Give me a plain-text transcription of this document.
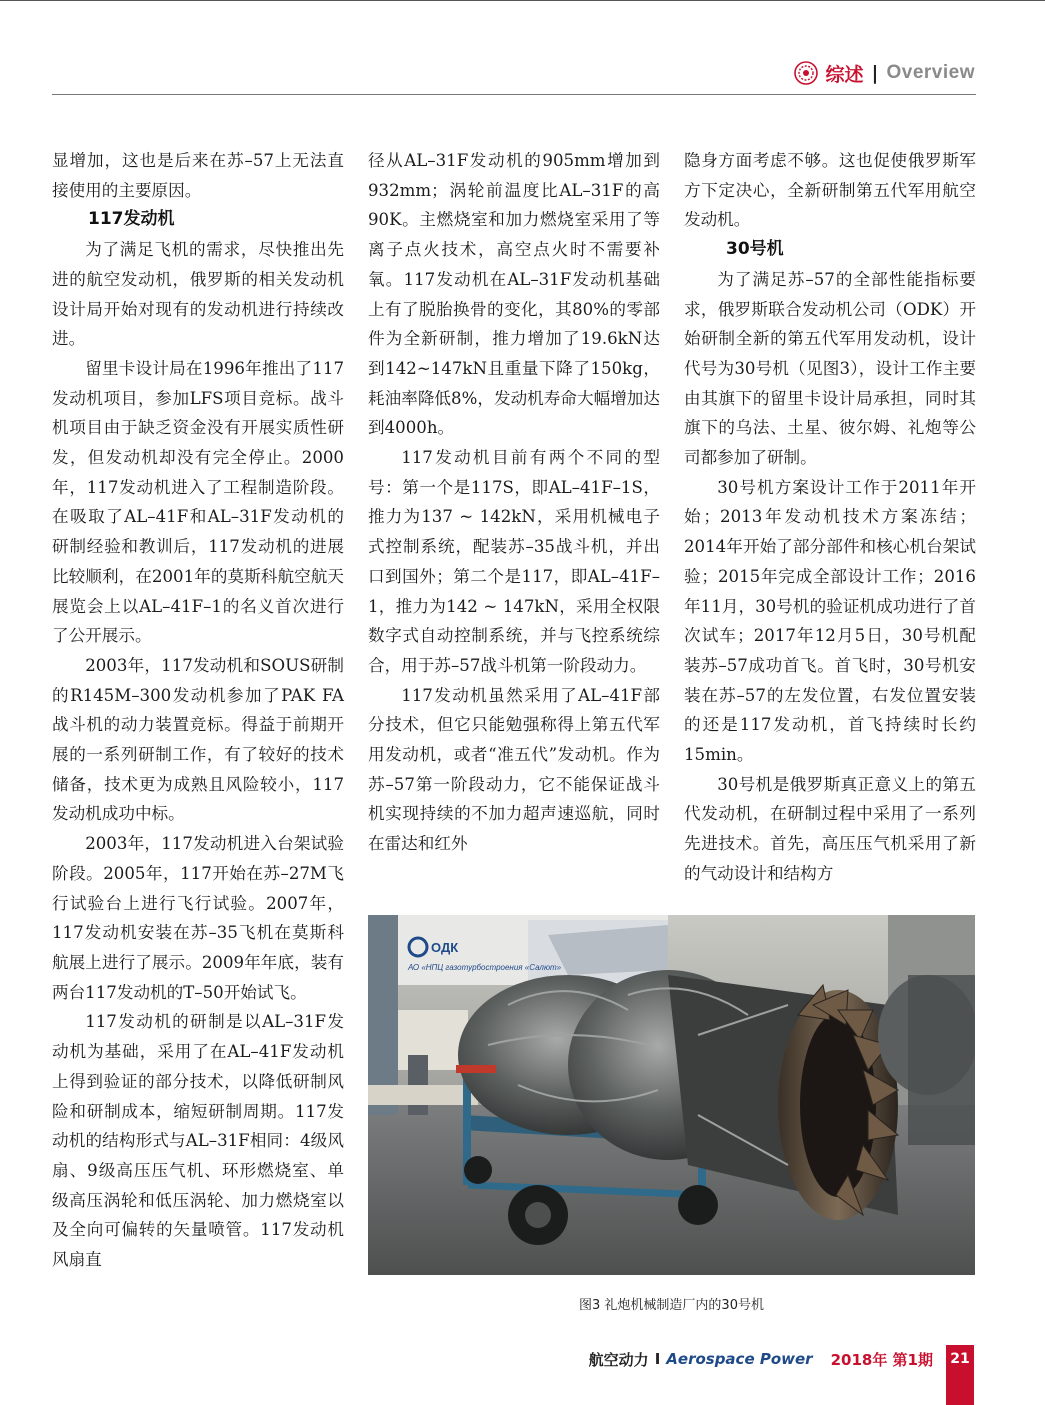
综述 | Overview

显增加，这也是后来在苏–57上无法直接使用的主要原因。

117发动机

为了满足飞机的需求，尽快推出先进的航空发动机，俄罗斯的相关发动机设计局开始对现有的发动机进行持续改进。

留里卡设计局在1996年推出了117发动机项目，参加LFS项目竞标。战斗机项目由于缺乏资金没有开展实质性研发，但发动机却没有完全停止。2000年，117发动机进入了工程制造阶段。在吸取了AL–41F和AL–31F发动机的研制经验和教训后，117发动机的进展比较顺利，在2001年的莫斯科航空航天展览会上以AL–41F–1的名义首次进行了公开展示。

2003年，117发动机和SOUS研制的R145M–300发动机参加了PAK FA战斗机的动力装置竞标。得益于前期开展的一系列研制工作，有了较好的技术储备，技术更为成熟且风险较小，117发动机成功中标。

2003年，117发动机进入台架试验阶段。2005年，117开始在苏–27M飞行试验台上进行飞行试验。2007年，117发动机安装在苏–35飞机在莫斯科航展上进行了展示。2009年年底，装有两台117发动机的T–50开始试飞。

117发动机的研制是以AL–31F发动机为基础，采用了在AL–41F发动机上得到验证的部分技术，以降低研制风险和研制成本，缩短研制周期。117发动机的结构形式与AL–31F相同：4级风扇、9级高压压气机、环形燃烧室、单级高压涡轮和低压涡轮、加力燃烧室以及全向可偏转的矢量喷管。117发动机风扇直

径从AL–31F发动机的905mm增加到932mm；涡轮前温度比AL–31F的高90K。主燃烧室和加力燃烧室采用了等离子点火技术，高空点火时不需要补氧。117发动机在AL–31F发动机基础上有了脱胎换骨的变化，其80%的零部件为全新研制，推力增加了19.6kN达到142~147kN且重量下降了150kg，耗油率降低8%，发动机寿命大幅增加达到4000h。

117发动机目前有两个不同的型号：第一个是117S，即AL–41F–1S，推力为137 ~ 142kN，采用机械电子式控制系统，配装苏–35战斗机，并出口到国外；第二个是117，即AL–41F–1，推力为142 ~ 147kN，采用全权限数字式自动控制系统，并与飞控系统综合，用于苏–57战斗机第一阶段动力。

117发动机虽然采用了AL–41F部分技术，但它只能勉强称得上第五代军用发动机，或者“准五代”发动机。作为苏–57第一阶段动力，它不能保证战斗机实现持续的不加力超声速巡航，同时在雷达和红外

隐身方面考虑不够。这也促使俄罗斯军方下定决心，全新研制第五代军用航空发动机。

30号机

为了满足苏–57的全部性能指标要求，俄罗斯联合发动机公司（ODK）开始研制全新的第五代军用发动机，设计代号为30号机（见图3），设计工作主要由其旗下的留里卡设计局承担，同时其旗下的乌法、土星、彼尔姆、礼炮等公司都参加了研制。

30号机方案设计工作于2011年开始；2013年发动机技术方案冻结；2014年开始了部分部件和核心机台架试验；2015年完成全部设计工作；2016年11月，30号机的验证机成功进行了首次试车；2017年12月5日，30号机配装苏–57成功首飞。首飞时，30号机安装在苏–57的左发位置，右发位置安装的还是117发动机，首飞持续时长约15min。

30号机是俄罗斯真正意义上的第五代发动机，在研制过程中采用了一系列先进技术。首先，高压压气机采用了新的气动设计和结构方

ОДК
АО «НПЦ газотурбостроения «Салют»
图3 礼炮机械制造厂内的30号机
航空动力 I Aerospace Power 2018年 第1期	21
